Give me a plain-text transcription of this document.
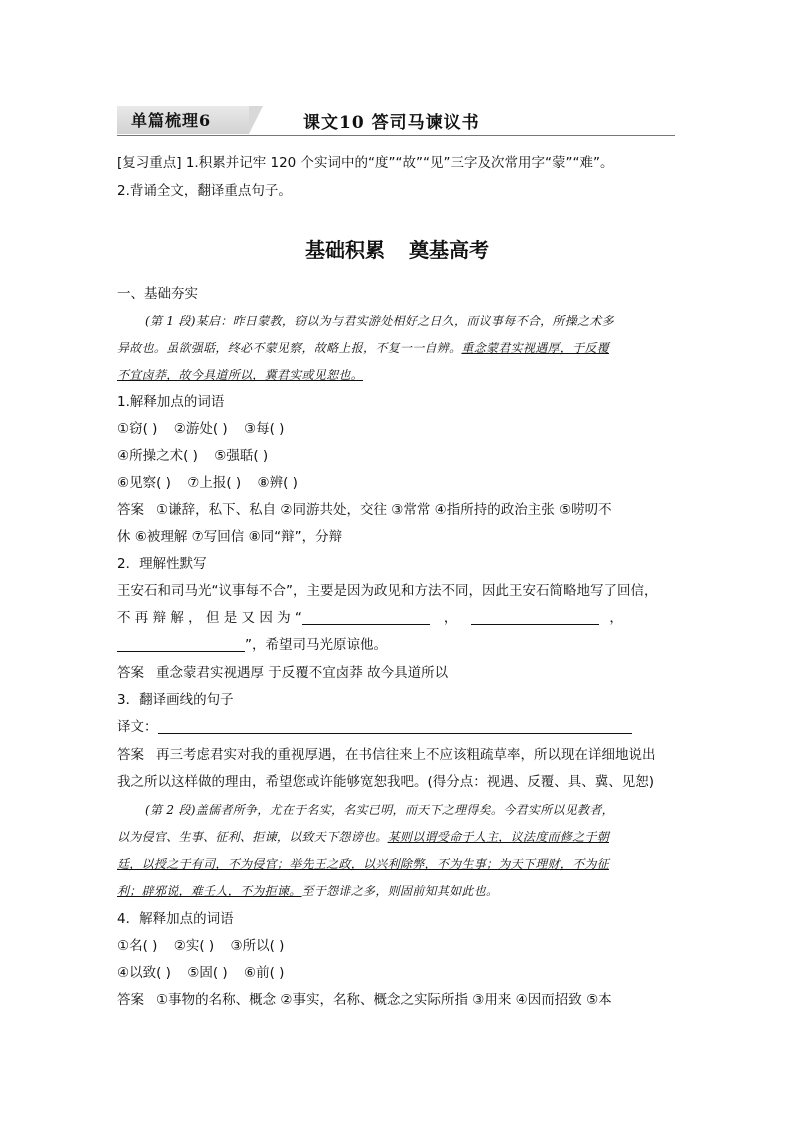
单篇梳理6	课文10 答司马谏议书
[复习重点] 1.积累并记牢 120 个实词中的“度”“故”“见”三字及次常用字“蒙”“难”。
2.背诵全文，翻译重点句子。
基础积累 奠基高考
一、基础夯实
(第 1 段)某启：昨日蒙教，窃以为与君实游处相好之日久，而议事每不合，所操之术多
异故也。虽欲强聒，终必不蒙见察，故略上报，不复一一自辨。重念蒙君实视遇厚，于反覆
不宜卤莽，故今具道所以，冀君实或见恕也。
1.解释加点的词语
①窃( ) ②游处( ) ③每( )
④所操之术( ) ⑤强聒( )
⑥见察( ) ⑦上报( ) ⑧辨( )
答案 ①谦辞，私下、私自 ②同游共处，交往 ③常常 ④指所持的政治主张 ⑤唠叨不
休 ⑥被理解 ⑦写回信 ⑧同“辩”，分辩
2．理解性默写
王安石和司马光“议事每不合”，主要是因为政见和方法不同，因此王安石简略地写了回信，
不 再 辩 解 ， 但 是 又 因 为 “	，	，
”，希望司马光原谅他。
答案 重念蒙君实视遇厚 于反覆不宜卤莽 故今具道所以
3．翻译画线的句子
译文：
答案 再三考虑君实对我的重视厚遇，在书信往来上不应该粗疏草率，所以现在详细地说出
我之所以这样做的理由，希望您或许能够宽恕我吧。(得分点：视遇、反覆、具、冀、见恕)
(第 2 段)盖儒者所争，尤在于名实，名实已明，而天下之理得矣。今君实所以见教者，
以为侵官、生事、征利、拒谏，以致天下怨谤也。某则以谓受命于人主，议法度而修之于朝
廷，以授之于有司，不为侵官；举先王之政，以兴利除弊，不为生事；为天下理财，不为征
利；辟邪说，难壬人，不为拒谏。至于怨诽之多，则固前知其如此也。
4．解释加点的词语
①名( ) ②实( ) ③所以( )
④以致( ) ⑤固( ) ⑥前( )
答案 ①事物的名称、概念 ②事实，名称、概念之实际所指 ③用来 ④因而招致 ⑤本
